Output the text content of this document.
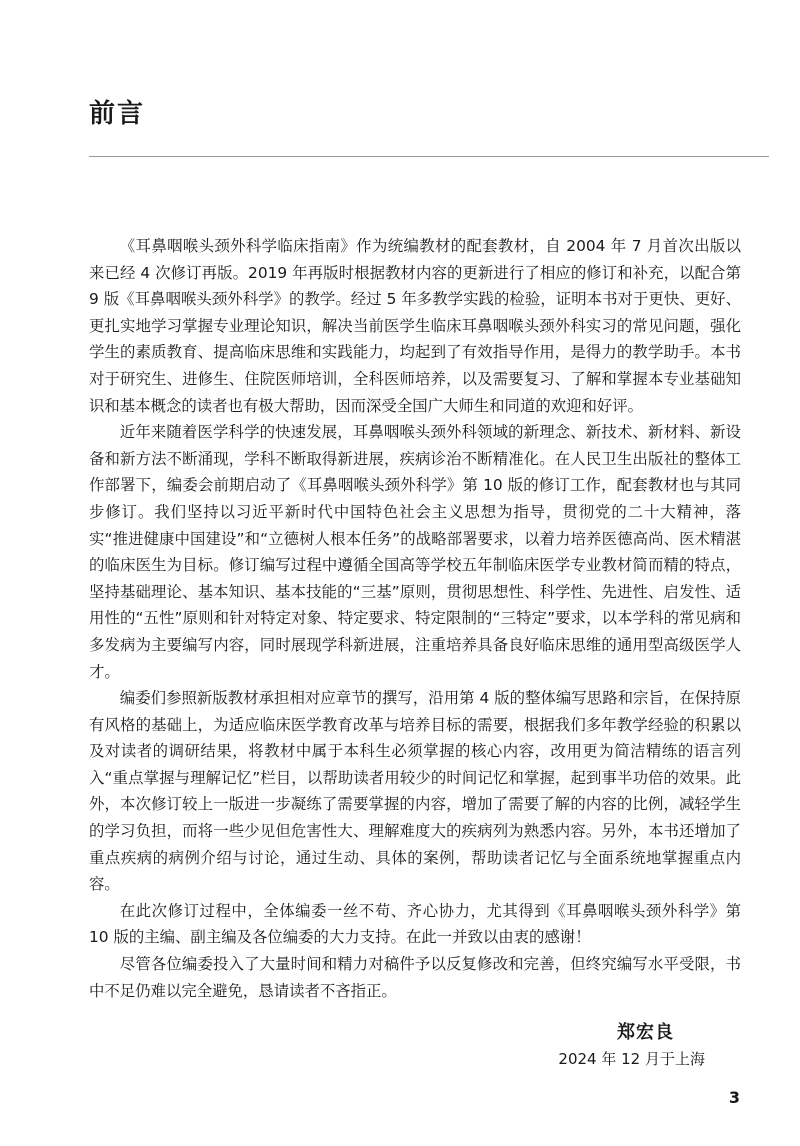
前言

《耳鼻咽喉头颈外科学临床指南》作为统编教材的配套教材，自 2004 年 7 月首次出版以来已经 4 次修订再版。2019 年再版时根据教材内容的更新进行了相应的修订和补充，以配合第 9 版《耳鼻咽喉头颈外科学》的教学。经过 5 年多教学实践的检验，证明本书对于更快、更好、更扎实地学习掌握专业理论知识，解决当前医学生临床耳鼻咽喉头颈外科实习的常见问题，强化学生的素质教育、提高临床思维和实践能力，均起到了有效指导作用，是得力的教学助手。本书对于研究生、进修生、住院医师培训，全科医师培养，以及需要复习、了解和掌握本专业基础知识和基本概念的读者也有极大帮助，因而深受全国广大师生和同道的欢迎和好评。

近年来随着医学科学的快速发展，耳鼻咽喉头颈外科领域的新理念、新技术、新材料、新设备和新方法不断涌现，学科不断取得新进展，疾病诊治不断精准化。在人民卫生出版社的整体工作部署下，编委会前期启动了《耳鼻咽喉头颈外科学》第 10 版的修订工作，配套教材也与其同步修订。我们坚持以习近平新时代中国特色社会主义思想为指导，贯彻党的二十大精神，落实“推进健康中国建设”和“立德树人根本任务”的战略部署要求，以着力培养医德高尚、医术精湛的临床医生为目标。修订编写过程中遵循全国高等学校五年制临床医学专业教材简而精的特点，坚持基础理论、基本知识、基本技能的“三基”原则，贯彻思想性、科学性、先进性、启发性、适用性的“五性”原则和针对特定对象、特定要求、特定限制的“三特定”要求，以本学科的常见病和多发病为主要编写内容，同时展现学科新进展，注重培养具备良好临床思维的通用型高级医学人才。

编委们参照新版教材承担相对应章节的撰写，沿用第 4 版的整体编写思路和宗旨，在保持原有风格的基础上，为适应临床医学教育改革与培养目标的需要，根据我们多年教学经验的积累以及对读者的调研结果，将教材中属于本科生必须掌握的核心内容，改用更为简洁精练的语言列入“重点掌握与理解记忆”栏目，以帮助读者用较少的时间记忆和掌握，起到事半功倍的效果。此外，本次修订较上一版进一步凝练了需要掌握的内容，增加了需要了解的内容的比例，减轻学生的学习负担，而将一些少见但危害性大、理解难度大的疾病列为熟悉内容。另外，本书还增加了重点疾病的病例介绍与讨论，通过生动、具体的案例，帮助读者记忆与全面系统地掌握重点内容。

在此次修订过程中，全体编委一丝不苟、齐心协力，尤其得到《耳鼻咽喉头颈外科学》第 10 版的主编、副主编及各位编委的大力支持。在此一并致以由衷的感谢！

尽管各位编委投入了大量时间和精力对稿件予以反复修改和完善，但终究编写水平受限，书中不足仍难以完全避免，恳请读者不吝指正。

郑宏良
2024 年 12 月于上海
3
